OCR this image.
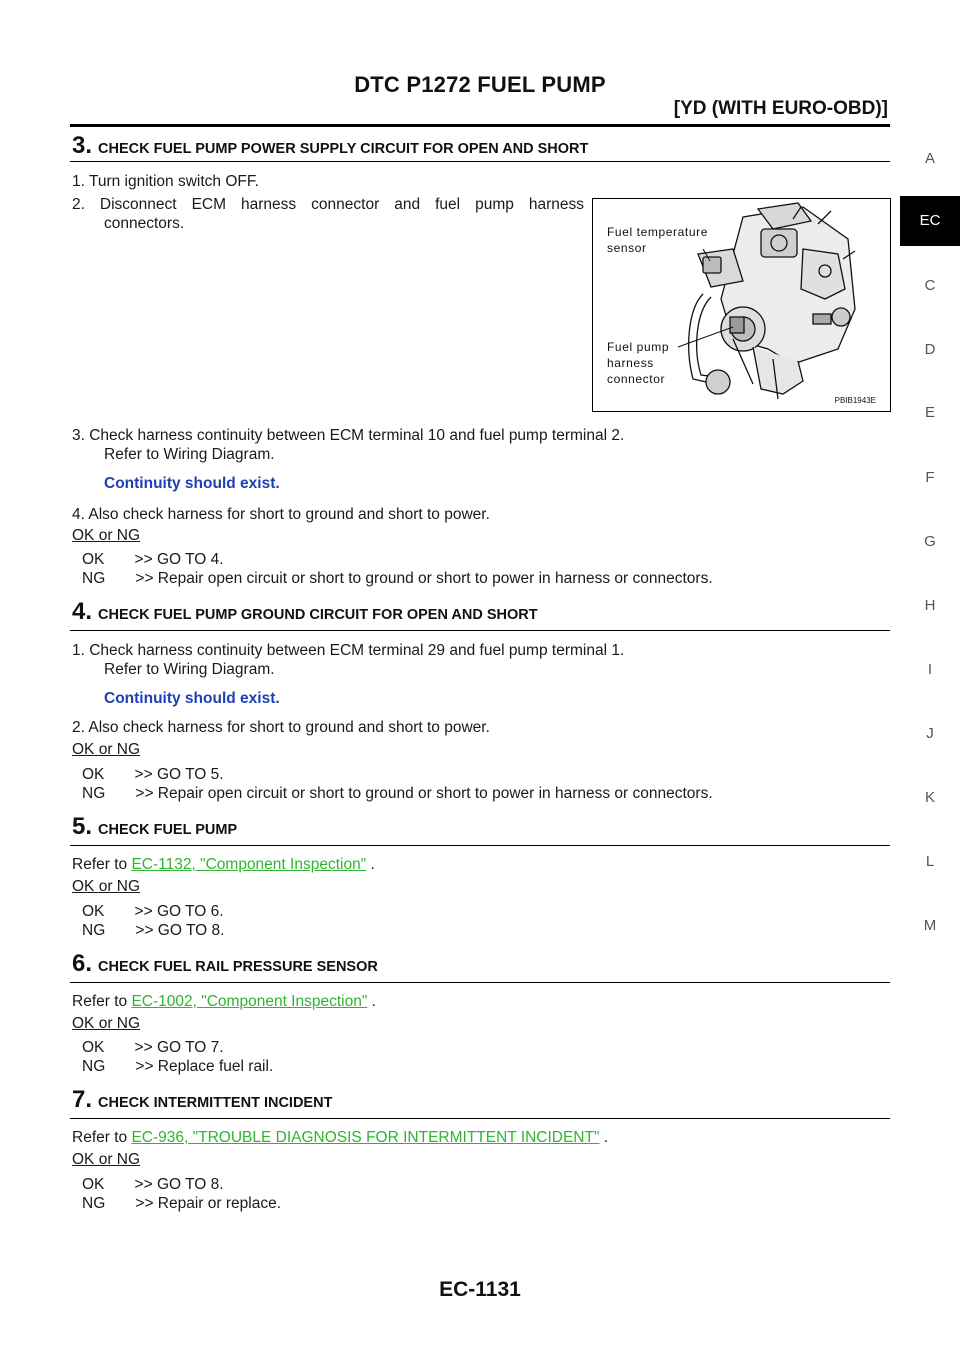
DTC P1272 FUEL PUMP
[YD (WITH EURO-OBD)]
A
EC
C
D
E
F
G
H
I
J
K
L
M
3. CHECK FUEL PUMP POWER SUPPLY CIRCUIT FOR OPEN AND SHORT
1. Turn ignition switch OFF.
2. Disconnect ECM harness connector and fuel pump harness
connectors.	Fuel temperature
sensor
Fuel pump
harness
connector
PBIB1943E
3. Check harness continuity between ECM terminal 10 and fuel pump terminal 2.
Refer to Wiring Diagram.
Continuity should exist.
4. Also check harness for short to ground and short to power.
OK or NG
OK       >> GO TO 4.
NG       >> Repair open circuit or short to ground or short to power in harness or connectors.
4. CHECK FUEL PUMP GROUND CIRCUIT FOR OPEN AND SHORT
1. Check harness continuity between ECM terminal 29 and fuel pump terminal 1.
Refer to Wiring Diagram.
Continuity should exist.
2. Also check harness for short to ground and short to power.
OK or NG
OK       >> GO TO 5.
NG       >> Repair open circuit or short to ground or short to power in harness or connectors.
5. CHECK FUEL PUMP
Refer to EC-1132, "Component Inspection" .
OK or NG
OK       >> GO TO 6.
NG       >> GO TO 8.
6. CHECK FUEL RAIL PRESSURE SENSOR
Refer to EC-1002, "Component Inspection" .
OK or NG
OK       >> GO TO 7.
NG       >> Replace fuel rail.
7. CHECK INTERMITTENT INCIDENT
Refer to EC-936, "TROUBLE DIAGNOSIS FOR INTERMITTENT INCIDENT" .
OK or NG
OK       >> GO TO 8.
NG       >> Repair or replace.
EC-1131
